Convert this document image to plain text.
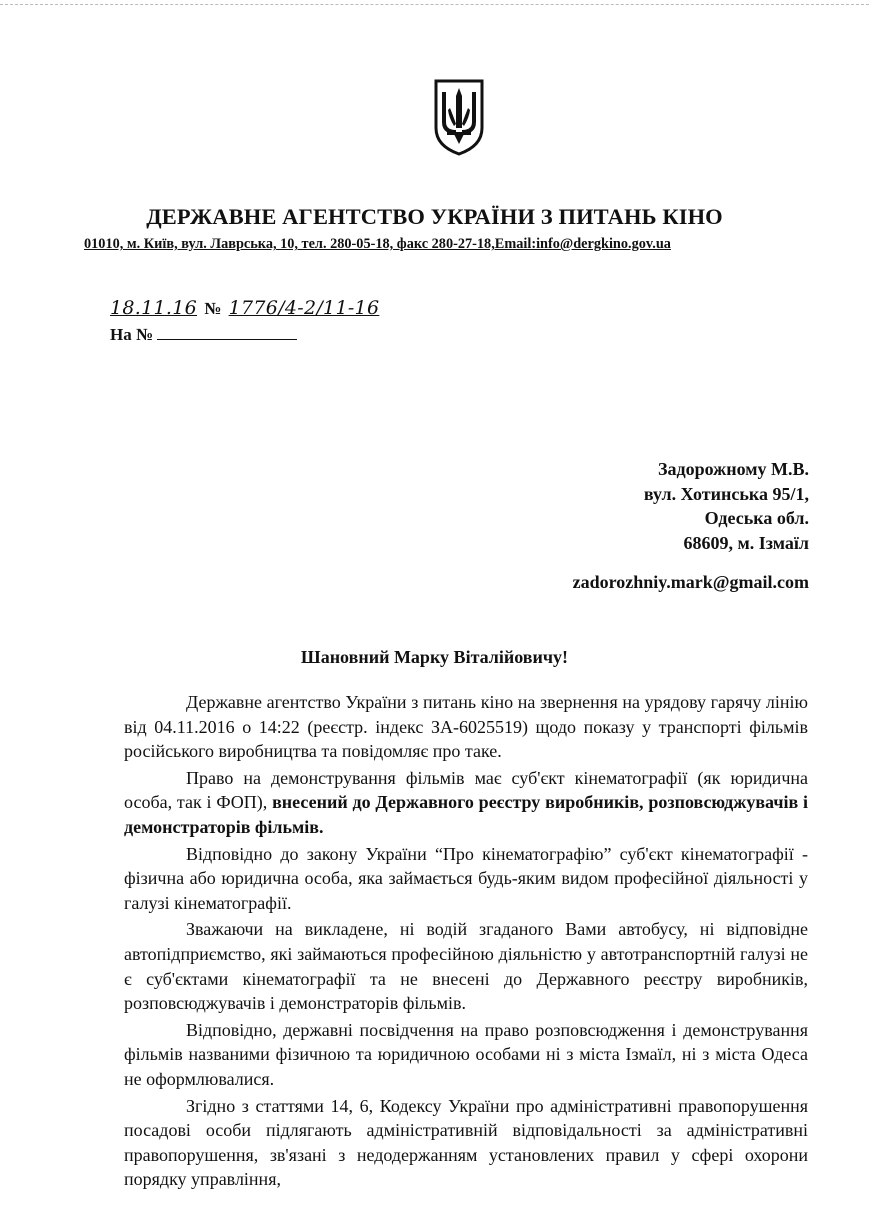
ДЕРЖАВНЕ АГЕНТСТВО УКРАЇНИ З ПИТАНЬ КІНО
01010, м. Київ, вул. Лаврська, 10, тел. 280-05-18, факс 280-27-18,Email:info@dergkino.gov.ua
18.11.16 № 1776/4-2/11-16
На №
Задорожному М.В.
вул. Хотинська 95/1,
Одеська обл.
68609, м. Ізмаїл
zadorozhniy.mark@gmail.com
Шановний Марку Віталійовичу!

Державне агентство України з питань кіно на звернення на урядову гарячу лінію від 04.11.2016 о 14:22 (реєстр. індекс ЗА-6025519) щодо показу у транспорті фільмів російського виробництва та повідомляє про таке.

Право на демонстрування фільмів має суб'єкт кінематографії (як юридична особа, так і ФОП), внесений до Державного реєстру виробників, розповсюджувачів і демонстраторів фільмів.

Відповідно до закону України “Про кінематографію” суб'єкт кінематографії - фізична або юридична особа, яка займається будь-яким видом професійної діяльності у галузі кінематографії.

Зважаючи на викладене, ні водій згаданого Вами автобусу, ні відповідне автопідприємство, які займаються професійною діяльністю у автотранспортній галузі не є суб'єктами кінематографії та не внесені до Державного реєстру виробників, розповсюджувачів і демонстраторів фільмів.

Відповідно, державні посвідчення на право розповсюдження і демонстрування фільмів названими фізичною та юридичною особами ні з міста Ізмаїл, ні з міста Одеса не оформлювалися.

Згідно з статтями 14, 6, Кодексу України про адміністративні правопорушення посадові особи підлягають адміністративній відповідальності за адміністративні правопорушення, зв'язані з недодержанням установлених правил у сфері охорони порядку управління,
